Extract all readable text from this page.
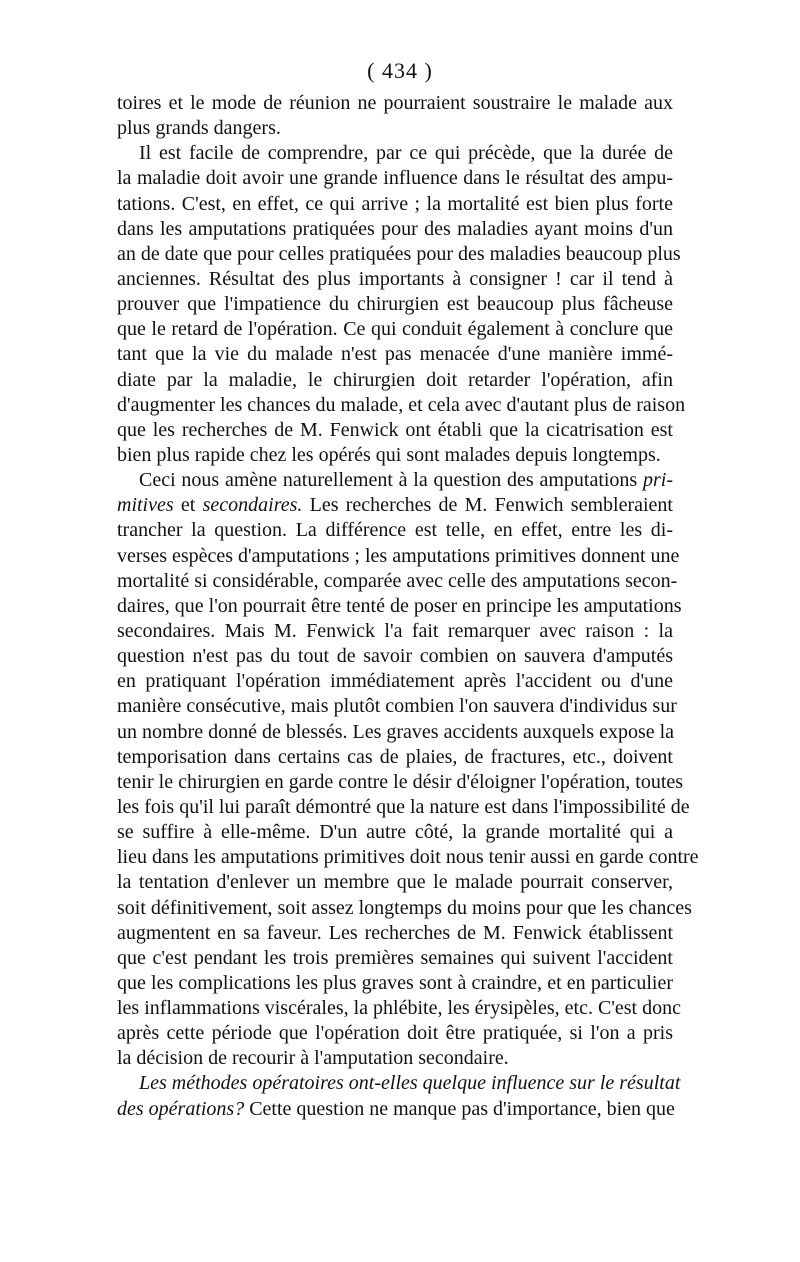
( 434 )
toires et le mode de réunion ne pourraient soustraire le malade aux
plus grands dangers.
Il est facile de comprendre, par ce qui précède, que la durée de
la maladie doit avoir une grande influence dans le résultat des ampu-
tations. C'est, en effet, ce qui arrive ; la mortalité est bien plus forte
dans les amputations pratiquées pour des maladies ayant moins d'un
an de date que pour celles pratiquées pour des maladies beaucoup plus
anciennes. Résultat des plus importants à consigner ! car il tend à
prouver que l'impatience du chirurgien est beaucoup plus fâcheuse
que le retard de l'opération. Ce qui conduit également à conclure que
tant que la vie du malade n'est pas menacée d'une manière immé-
diate par la maladie, le chirurgien doit retarder l'opération, afin
d'augmenter les chances du malade, et cela avec d'autant plus de raison
que les recherches de M. Fenwick ont établi que la cicatrisation est
bien plus rapide chez les opérés qui sont malades depuis longtemps.
Ceci nous amène naturellement à la question des amputations pri-
mitives et secondaires. Les recherches de M. Fenwich sembleraient
trancher la question. La différence est telle, en effet, entre les di-
verses espèces d'amputations ; les amputations primitives donnent une
mortalité si considérable, comparée avec celle des amputations secon-
daires, que l'on pourrait être tenté de poser en principe les amputations
secondaires. Mais M. Fenwick l'a fait remarquer avec raison : la
question n'est pas du tout de savoir combien on sauvera d'amputés
en pratiquant l'opération immédiatement après l'accident ou d'une
manière consécutive, mais plutôt combien l'on sauvera d'individus sur
un nombre donné de blessés. Les graves accidents auxquels expose la
temporisation dans certains cas de plaies, de fractures, etc., doivent
tenir le chirurgien en garde contre le désir d'éloigner l'opération, toutes
les fois qu'il lui paraît démontré que la nature est dans l'impossibilité de
se suffire à elle-même. D'un autre côté, la grande mortalité qui a
lieu dans les amputations primitives doit nous tenir aussi en garde contre
la tentation d'enlever un membre que le malade pourrait conserver,
soit définitivement, soit assez longtemps du moins pour que les chances
augmentent en sa faveur. Les recherches de M. Fenwick établissent
que c'est pendant les trois premières semaines qui suivent l'accident
que les complications les plus graves sont à craindre, et en particulier
les inflammations viscérales, la phlébite, les érysipèles, etc. C'est donc
après cette période que l'opération doit être pratiquée, si l'on a pris
la décision de recourir à l'amputation secondaire.
Les méthodes opératoires ont-elles quelque influence sur le résultat
des opérations? Cette question ne manque pas d'importance, bien que
